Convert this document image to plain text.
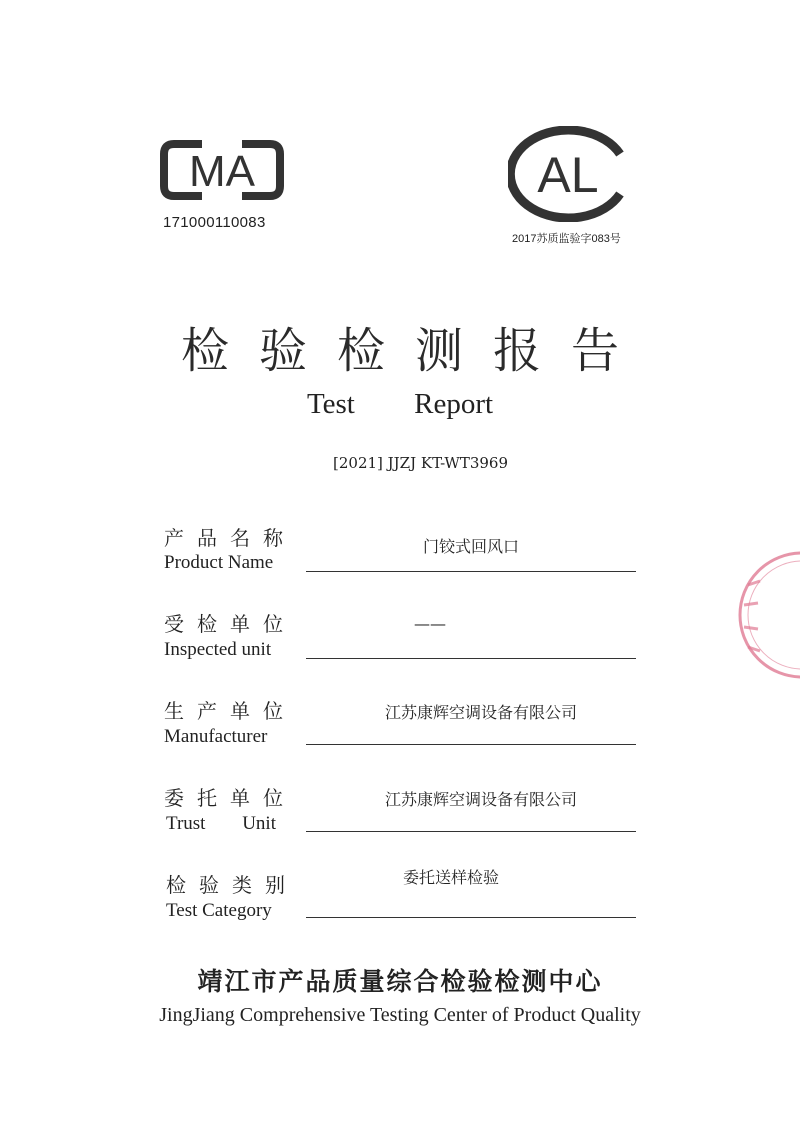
MA
171000110083
AL
2017苏质监验字083号
检验检测报告
Test Report
[2021] JJZJ KT-WT3969
产品名称
Product Name
门铰式回风口
受检单位
Inspected unit
——
生产单位
Manufacturer
江苏康辉空调设备有限公司
委托单位
Trust Unit
江苏康辉空调设备有限公司
检验类别
Test Category
委托送样检验
靖江市产品质量综合检验检测中心
JingJiang Comprehensive Testing Center of Product Quality
